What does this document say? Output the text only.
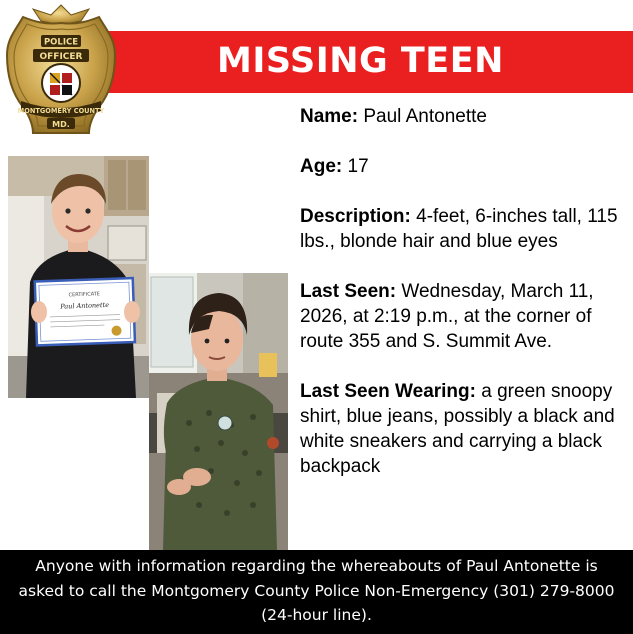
MISSING TEEN
POLICE
OFFICER
MONTGOMERY COUNTY
MD.
CERTIFICATE
Paul Antonette
Name: Paul Antonette
Age: 17
Description: 4-feet, 6-inches tall, 115 lbs., blonde hair and blue eyes
Last Seen: Wednesday, March 11, 2026, at 2:19 p.m., at the corner of route 355 and S. Summit Ave.
Last Seen Wearing: a green snoopy shirt, blue jeans, possibly a black and white sneakers and carrying a black backpack
Anyone with information regarding the whereabouts of Paul Antonette is asked to call the Montgomery County Police Non-Emergency (301) 279-8000 (24-hour line).
